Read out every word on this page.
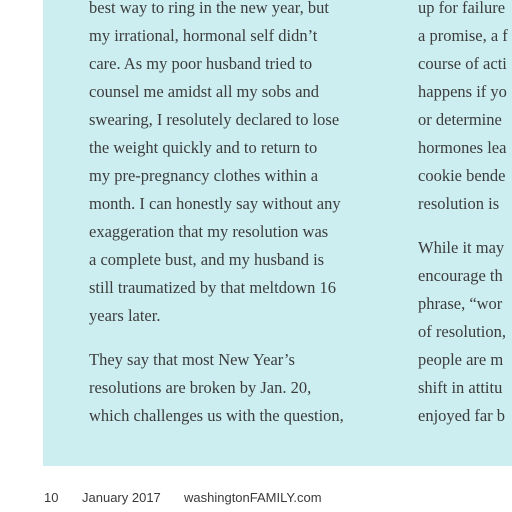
best way to ring in the new year, but
my irrational, hormonal self didn’t
care. As my poor husband tried to
counsel me amidst all my sobs and
swearing, I resolutely declared to lose
the weight quickly and to return to
my pre-pregnancy clothes within a
month. I can honestly say without any
exaggeration that my resolution was
a complete bust, and my husband is
still traumatized by that meltdown 16
years later.
They say that most New Year’s
resolutions are broken by Jan. 20,
which challenges us with the question,
up for failure
a promise, a f
course of acti
happens if yo
or determine
hormones lea
cookie bende
resolution is
While it may
encourage th
phrase, “wor
of resolution,
people are m
shift in attitu
enjoyed far b
10 January 2017 washingtonFAMILY.com
